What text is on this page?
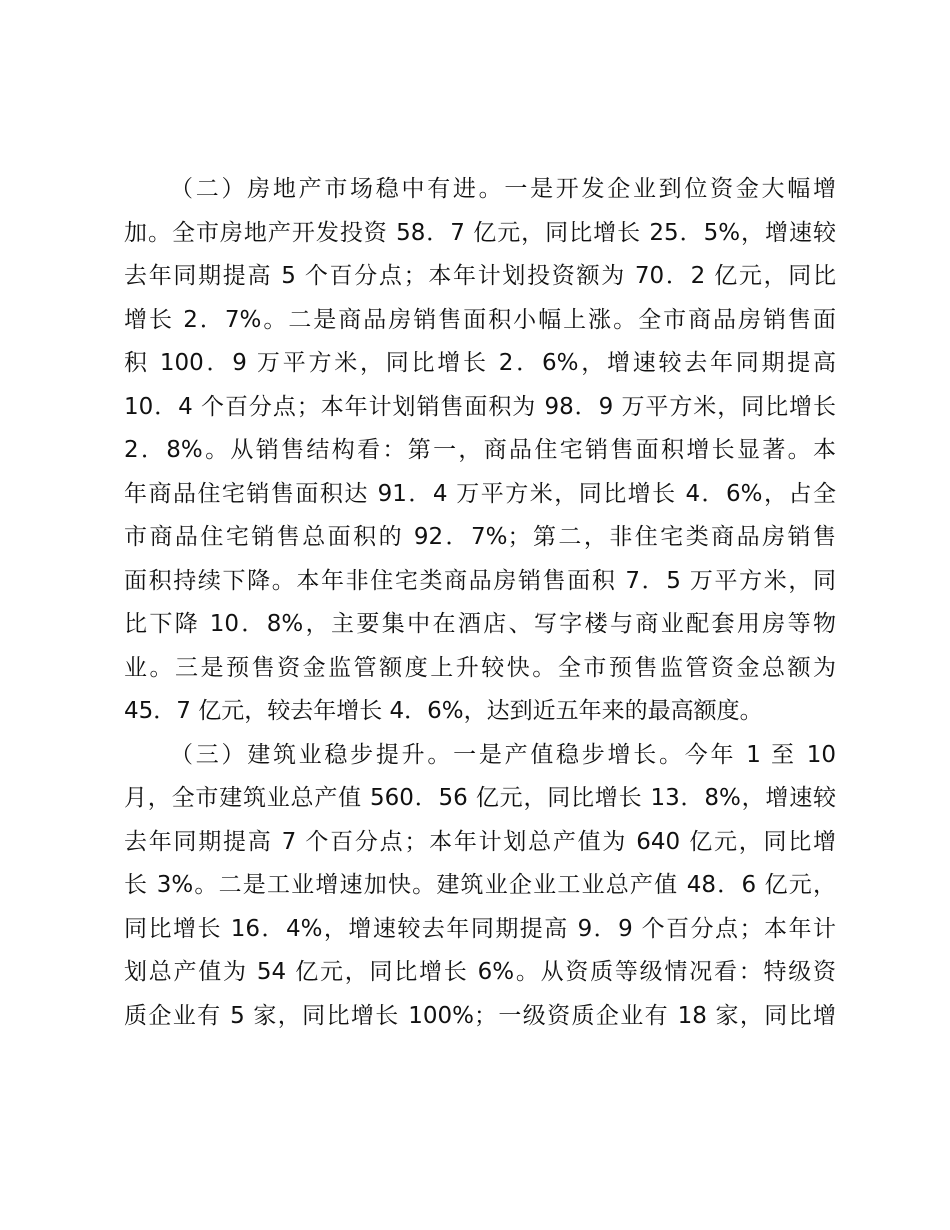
（二）房地产市场稳中有进。一是开发企业到位资金大幅增
加。全市房地产开发投资 58．7 亿元，同比增长 25．5%，增速较
去年同期提高 5 个百分点；本年计划投资额为 70．2 亿元，同比
增长 2．7%。二是商品房销售面积小幅上涨。全市商品房销售面
积 100．9 万平方米，同比增长 2．6%，增速较去年同期提高
10．4 个百分点；本年计划销售面积为 98．9 万平方米，同比增长
2．8%。从销售结构看：第一，商品住宅销售面积增长显著。本
年商品住宅销售面积达 91．4 万平方米，同比增长 4．6%，占全
市商品住宅销售总面积的 92．7%；第二，非住宅类商品房销售
面积持续下降。本年非住宅类商品房销售面积 7．5 万平方米，同
比下降 10．8%，主要集中在酒店、写字楼与商业配套用房等物
业。三是预售资金监管额度上升较快。全市预售监管资金总额为
45．7 亿元，较去年增长 4．6%，达到近五年来的最高额度。
（三）建筑业稳步提升。一是产值稳步增长。今年 1 至 10
月，全市建筑业总产值 560．56 亿元，同比增长 13．8%，增速较
去年同期提高 7 个百分点；本年计划总产值为 640 亿元，同比增
长 3%。二是工业增速加快。建筑业企业工业总产值 48．6 亿元，
同比增长 16．4%，增速较去年同期提高 9．9 个百分点；本年计
划总产值为 54 亿元，同比增长 6%。从资质等级情况看：特级资
质企业有 5 家，同比增长 100%；一级资质企业有 18 家，同比增
